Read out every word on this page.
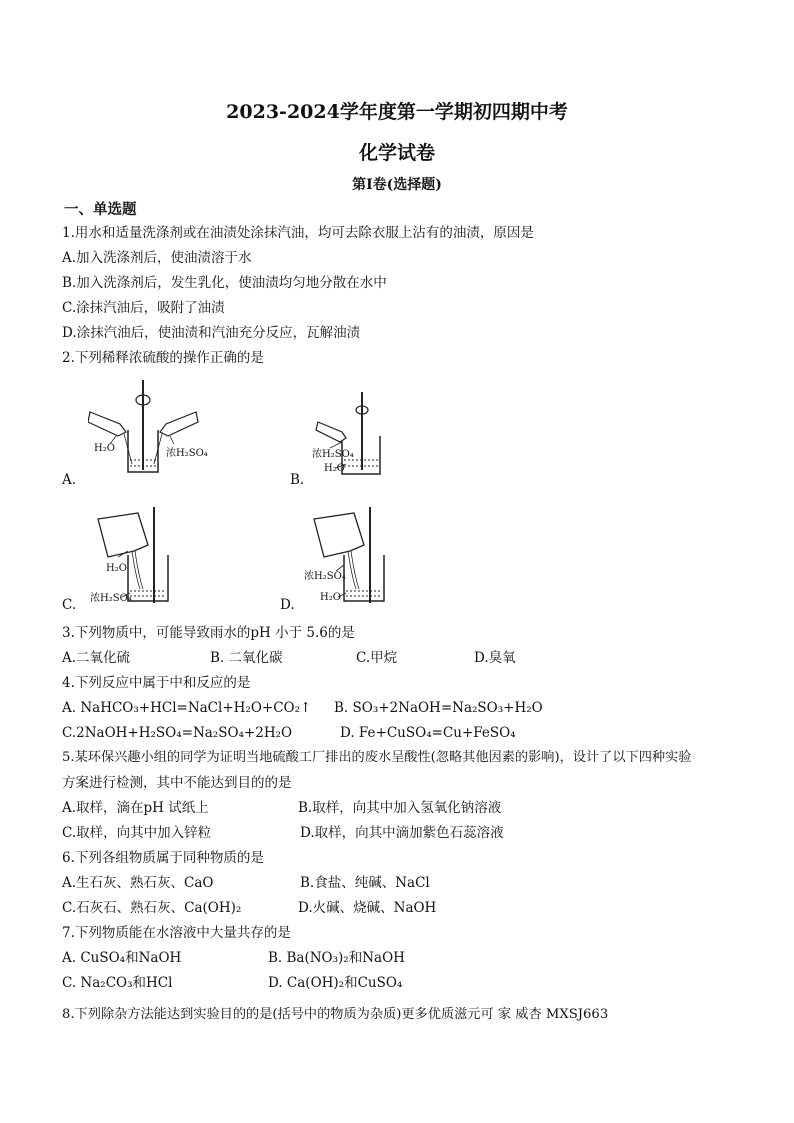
2023-2024学年度第一学期初四期中考
化学试卷
第Ⅰ卷(选择题)
一、单选题
1.用水和适量洗涤剂或在油渍处涂抹汽油，均可去除衣服上沾有的油渍，原因是
A.加入洗涤剂后，使油渍溶于水
B.加入洗涤剂后，发生乳化，使油渍均匀地分散在水中
C.涂抹汽油后，吸附了油渍
D.涂抹汽油后，使油渍和汽油充分反应，瓦解油渍
2.下列稀释浓硫酸的操作正确的是
A.	B.
C.	D.
H₂O	浓H₂SO₄	浓H₂SO₄
H₂O
H₂O
浓H₂SO₄
浓H₂SO₄
H₂O
3.下列物质中，可能导致雨水的pH 小于 5.6的是
A.二氧化硫	B. 二氧化碳	C.甲烷	D.臭氧
4.下列反应中属于中和反应的是
A. NaHCO₃+HCl=NaCl+H₂O+CO₂↑ B. SO₃+2NaOH=Na₂SO₃+H₂O
C.2NaOH+H₂SO₄=Na₂SO₄+2H₂O	D. Fe+CuSO₄=Cu+FeSO₄
5.某环保兴趣小组的同学为证明当地硫酸工厂排出的废水呈酸性(忽略其他因素的影响)，设计了以下四种实验
方案进行检测，其中不能达到目的的是
A.取样，滴在pH 试纸上	B.取样，向其中加入氢氧化钠溶液
C.取样，向其中加入锌粒	D.取样，向其中滴加紫色石蕊溶液
6.下列各组物质属于同种物质的是
A.生石灰、熟石灰、CaO	B.食盐、纯碱、NaCl
C.石灰石、熟石灰、Ca(OH)₂	D.火碱、烧碱、NaOH
7.下列物质能在水溶液中大量共存的是
A. CuSO₄和NaOH	B. Ba(NO₃)₂和NaOH
C. Na₂CO₃和HCl	D. Ca(OH)₂和CuSO₄
8.下列除杂方法能达到实验目的的是(括号中的物质为杂质)更多优质滋元可 家 威杏 MXSJ663
